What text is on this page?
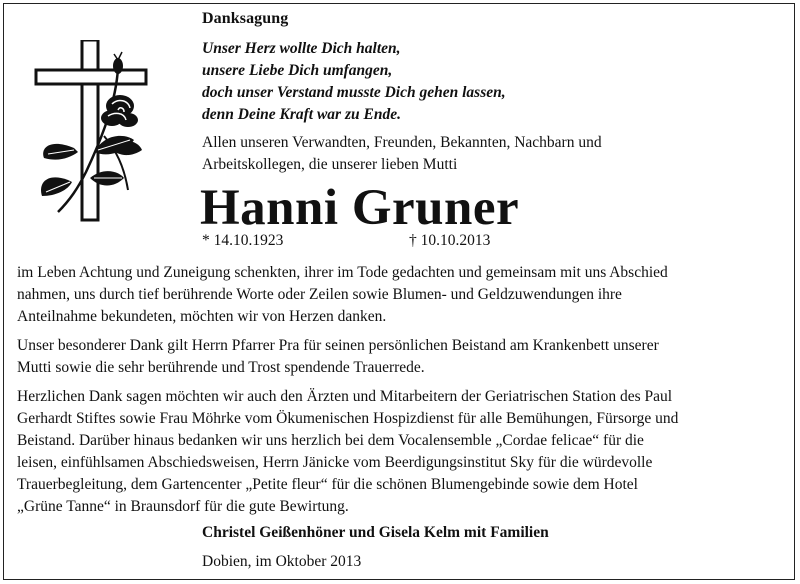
Danksagung
Unser Herz wollte Dich halten,
unsere Liebe Dich umfangen,
doch unser Verstand musste Dich gehen lassen,
denn Deine Kraft war zu Ende.
Allen unseren Verwandten, Freunden, Bekannten, Nachbarn und
Arbeitskollegen, die unserer lieben Mutti
Hanni Gruner
* 14.10.1923	† 10.10.2013
im Leben Achtung und Zuneigung schenkten, ihrer im Tode gedachten und gemeinsam mit uns Abschied
nahmen, uns durch tief berührende Worte oder Zeilen sowie Blumen- und Geldzuwendungen ihre
Anteilnahme bekundeten, möchten wir von Herzen danken.
Unser besonderer Dank gilt Herrn Pfarrer Pra für seinen persönlichen Beistand am Krankenbett unserer
Mutti sowie die sehr berührende und Trost spendende Trauerrede.
Herzlichen Dank sagen möchten wir auch den Ärzten und Mitarbeitern der Geriatrischen Station des Paul
Gerhardt Stiftes sowie Frau Möhrke vom Ökumenischen Hospizdienst für alle Bemühungen, Fürsorge und
Beistand. Darüber hinaus bedanken wir uns herzlich bei dem Vocalensemble „Cordae felicae“ für die
leisen, einfühlsamen Abschiedsweisen, Herrn Jänicke vom Beerdigungsinstitut Sky für die würdevolle
Trauerbegleitung, dem Gartencenter „Petite fleur“ für die schönen Blumengebinde sowie dem Hotel
„Grüne Tanne“ in Braunsdorf für die gute Bewirtung.
Christel Geißenhöner und Gisela Kelm mit Familien
Dobien, im Oktober 2013
